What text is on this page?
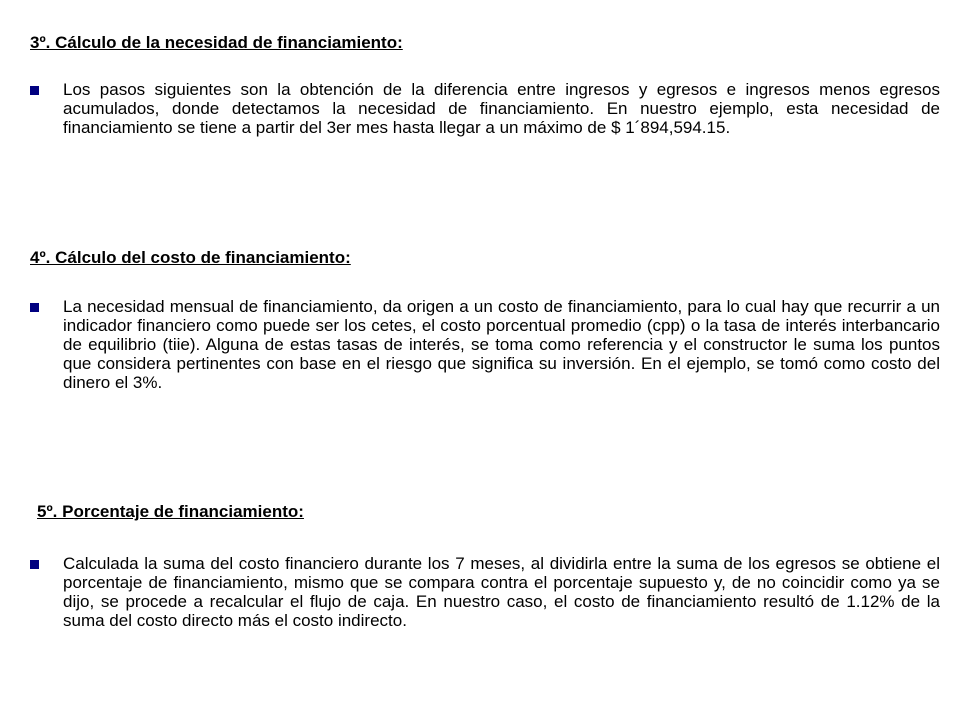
3º. Cálculo de la necesidad de financiamiento:

Los pasos siguientes son la obtención de la diferencia entre ingresos y egresos e ingresos menos egresos acumulados, donde detectamos la necesidad de financiamiento. En nuestro ejemplo, esta necesidad de financiamiento se tiene a partir del 3er mes hasta llegar a un máximo de $ 1´894,594.15.

4º. Cálculo del costo de financiamiento:

La necesidad mensual de financiamiento, da origen a un costo de financiamiento, para lo cual hay que recurrir a un indicador financiero como puede ser los cetes, el costo porcentual promedio (cpp) o la tasa de interés interbancario de equilibrio (tiie). Alguna de estas tasas de interés, se toma como referencia y el constructor le suma los puntos que considera pertinentes con base en el riesgo que significa su inversión. En el ejemplo, se tomó como costo del dinero el 3%.

5º. Porcentaje de financiamiento:

Calculada la suma del costo financiero durante los 7 meses, al dividirla entre la suma de los egresos se obtiene el porcentaje de financiamiento, mismo que se compara contra el porcentaje supuesto y, de no coincidir como ya se dijo, se procede a recalcular el flujo de caja. En nuestro caso, el costo de financiamiento resultó de 1.12% de la suma del costo directo más el costo indirecto.
